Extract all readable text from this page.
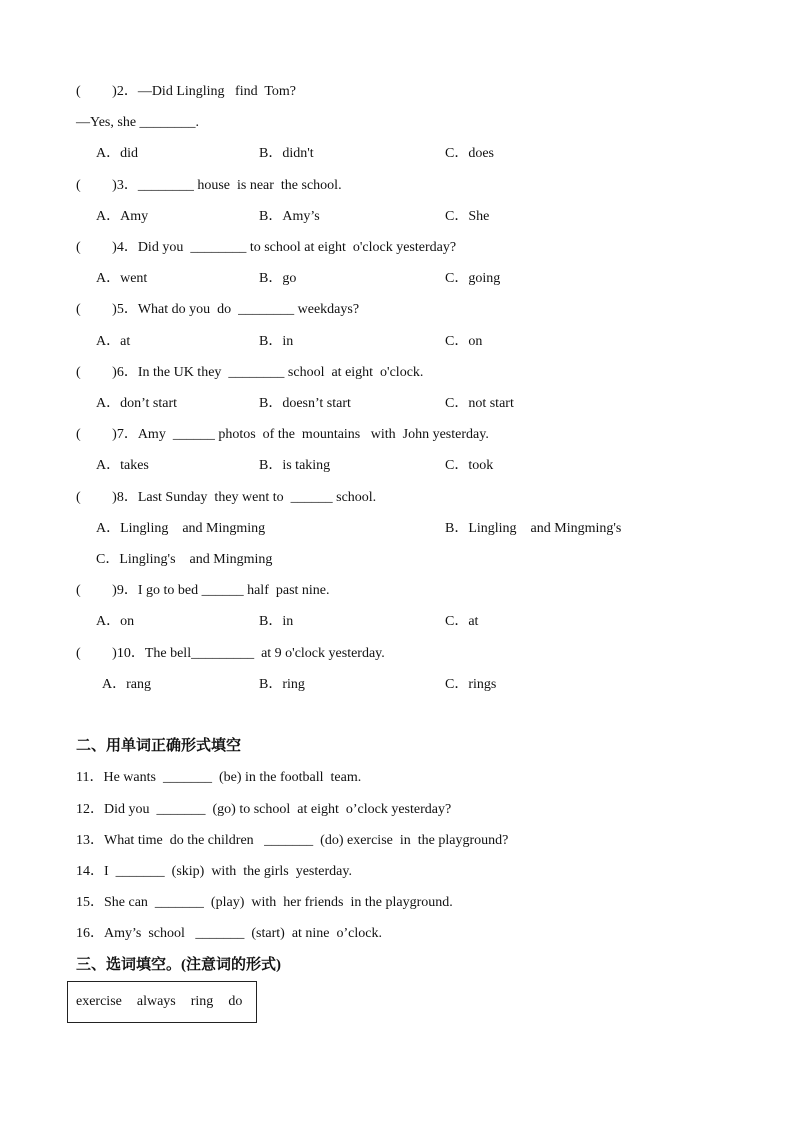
(         )2．—Did Lingling   find  Tom?
—Yes, she ________.
A．did	B．didn't	C．does
(         )3．________ house  is near  the school.
A．Amy	B．Amy’s	C．She
(         )4．Did you  ________ to school at eight  o'clock yesterday?
A．went	B．go	C．going
(         )5．What do you  do  ________ weekdays?
A．at	B．in	C．on
(         )6．In the UK they  ________ school  at eight  o'clock.
A．don’t start	B．doesn’t start	C．not start
(         )7．Amy  ______ photos  of the  mountains   with  John yesterday.
A．takes	B．is taking	C．took
(         )8．Last Sunday  they went to  ______ school.
A．Lingling    and Mingming	B．Lingling    and Mingming's
C．Lingling's    and Mingming
(         )9．I go to bed ______ half  past nine.
A．on	B．in	C．at
(         )10．The bell_________  at 9 o'clock yesterday.
A．rang	B．ring	C．rings
二、用单词正确形式填空
11．He wants  _______  (be) in the football  team.
12．Did you  _______  (go) to school  at eight  o’clock yesterday?
13．What time  do the children   _______  (do) exercise  in  the playground?
14．I  _______  (skip)  with  the girls  yesterday.
15．She can  _______  (play)  with  her friends  in the playground.
16．Amy’s  school   _______  (start)  at nine  o’clock.
三、选词填空。(注意词的形式)
exercise always ring do
